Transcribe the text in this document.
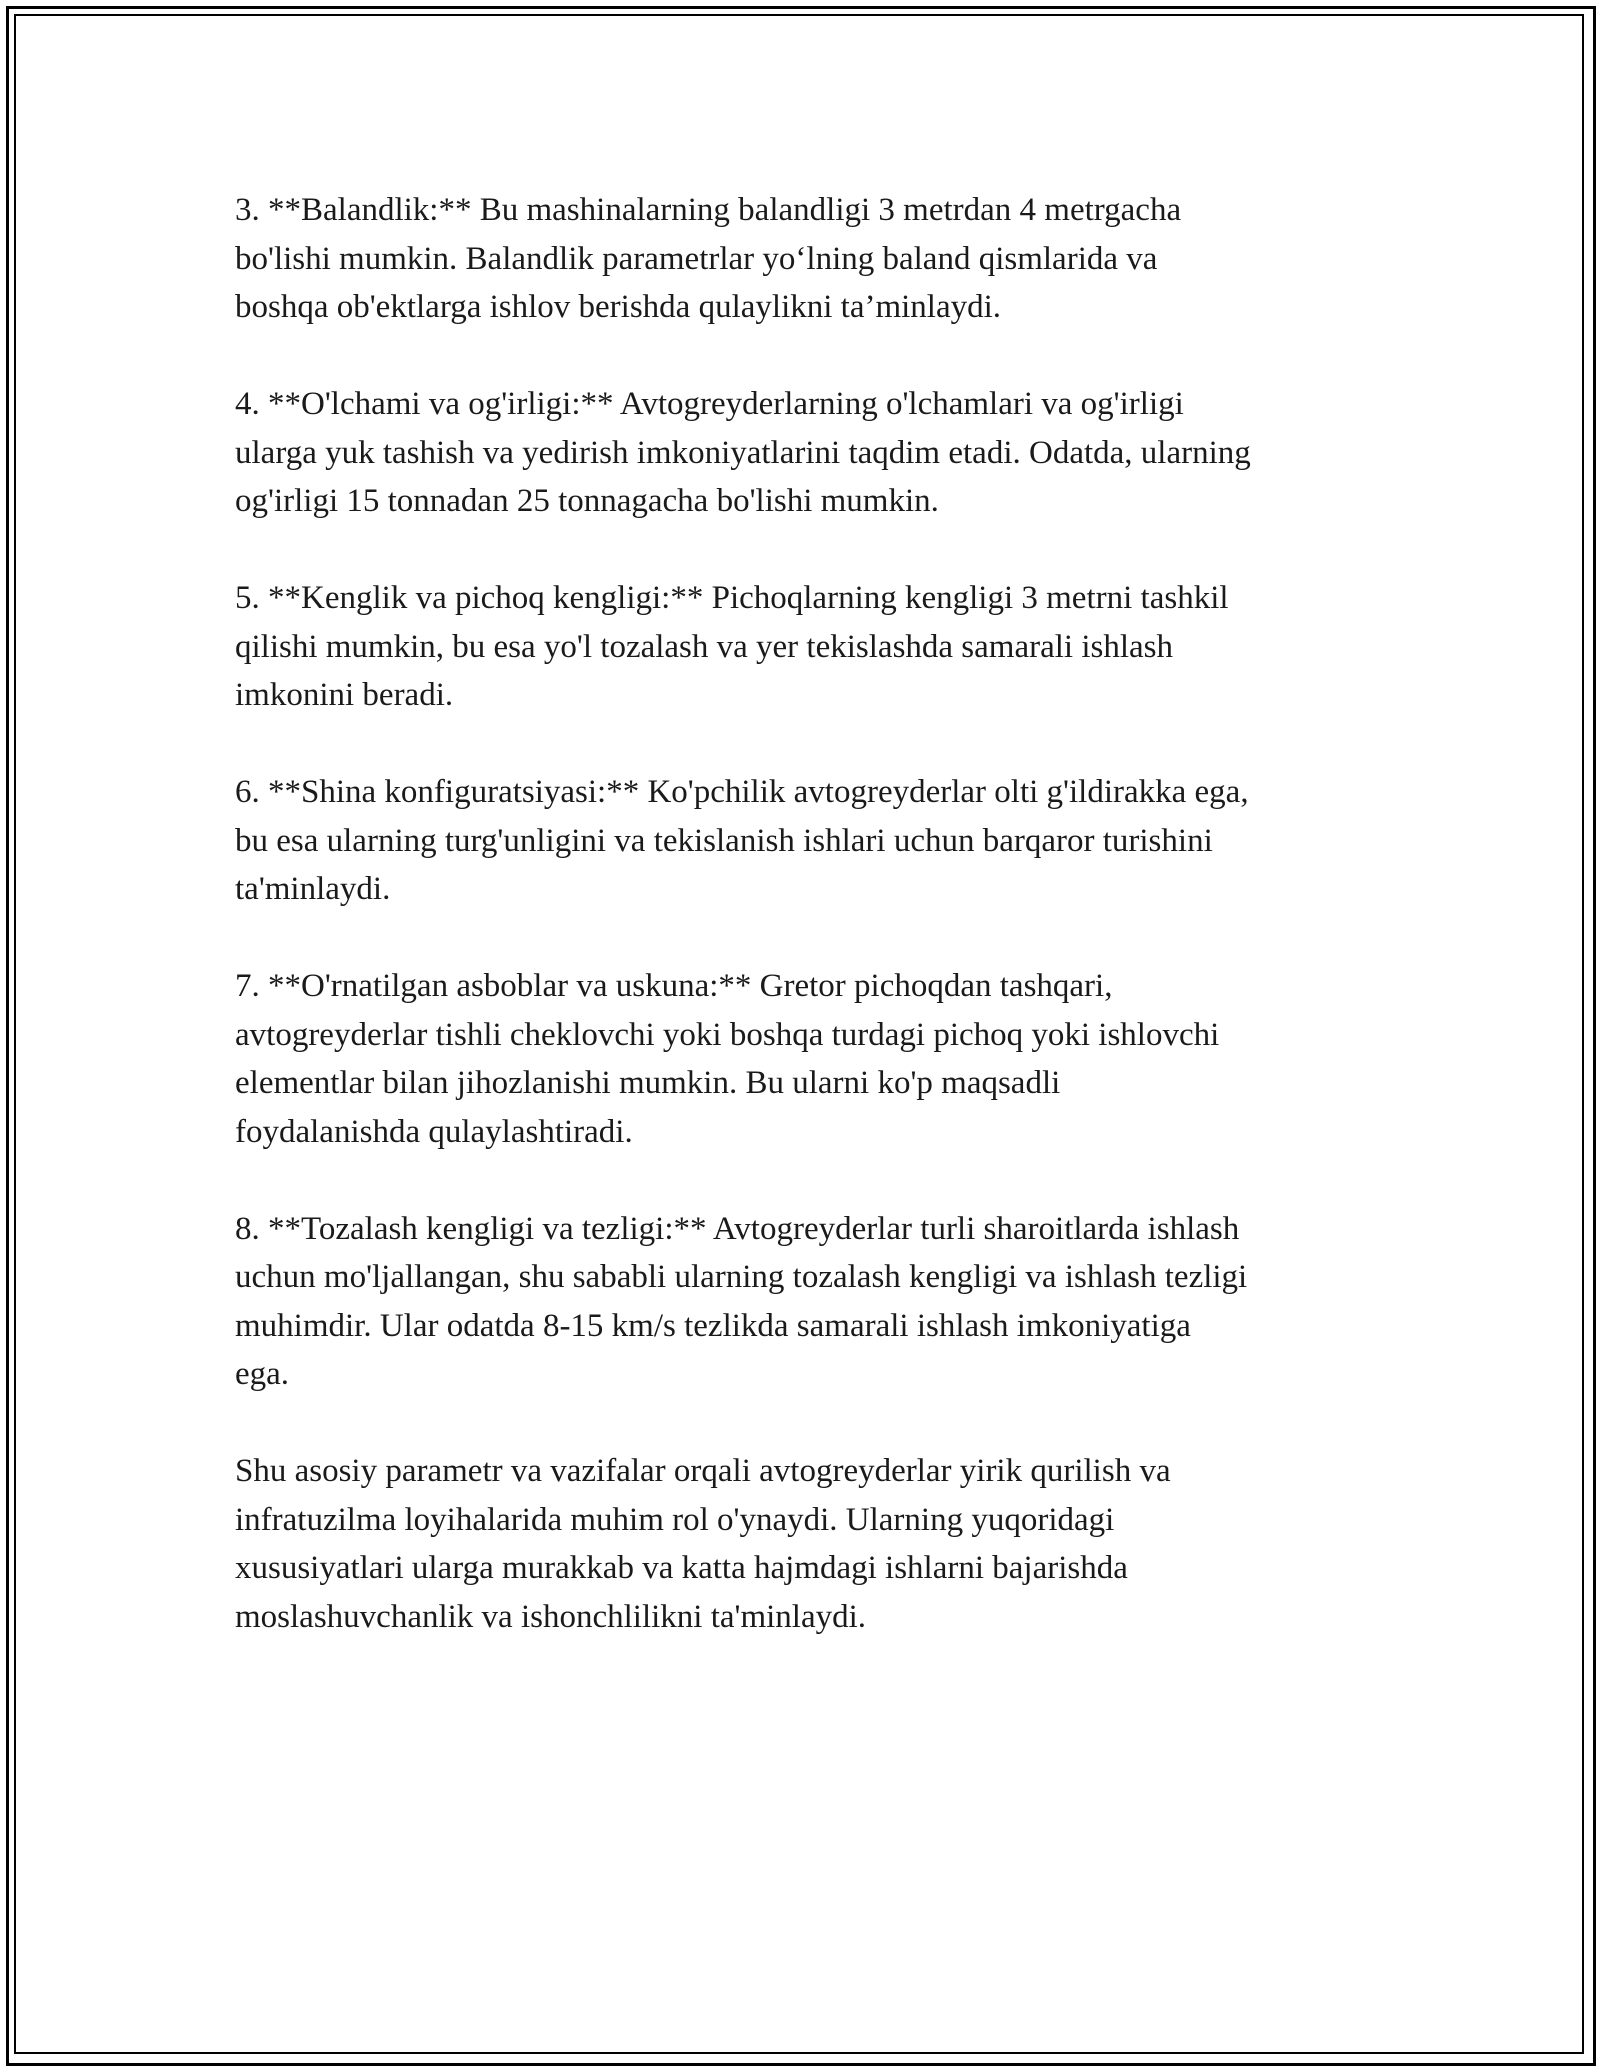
3. **Balandlik:** Bu mashinalarning balandligi 3 metrdan 4 metrgacha
bo'lishi mumkin. Balandlik parametrlar yo‘lning baland qismlarida va
boshqa ob'ektlarga ishlov berishda qulaylikni ta’minlaydi.

4. **O'lchami va og'irligi:** Avtogreyderlarning o'lchamlari va og'irligi
ularga yuk tashish va yedirish imkoniyatlarini taqdim etadi. Odatda, ularning
og'irligi 15 tonnadan 25 tonnagacha bo'lishi mumkin.

5. **Kenglik va pichoq kengligi:** Pichoqlarning kengligi 3 metrni tashkil
qilishi mumkin, bu esa yo'l tozalash va yer tekislashda samarali ishlash
imkonini beradi.

6. **Shina konfiguratsiyasi:** Ko'pchilik avtogreyderlar olti g'ildirakka ega,
bu esa ularning turg'unligini va tekislanish ishlari uchun barqaror turishini
ta'minlaydi.

7. **O'rnatilgan asboblar va uskuna:** Gretor pichoqdan tashqari,
avtogreyderlar tishli cheklovchi yoki boshqa turdagi pichoq yoki ishlovchi
elementlar bilan jihozlanishi mumkin. Bu ularni ko'p maqsadli
foydalanishda qulaylashtiradi.

8. **Tozalash kengligi va tezligi:** Avtogreyderlar turli sharoitlarda ishlash
uchun mo'ljallangan, shu sababli ularning tozalash kengligi va ishlash tezligi
muhimdir. Ular odatda 8-15 km/s tezlikda samarali ishlash imkoniyatiga
ega.

Shu asosiy parametr va vazifalar orqali avtogreyderlar yirik qurilish va
infratuzilma loyihalarida muhim rol o'ynaydi. Ularning yuqoridagi
xususiyatlari ularga murakkab va katta hajmdagi ishlarni bajarishda
moslashuvchanlik va ishonchlilikni ta'minlaydi.
